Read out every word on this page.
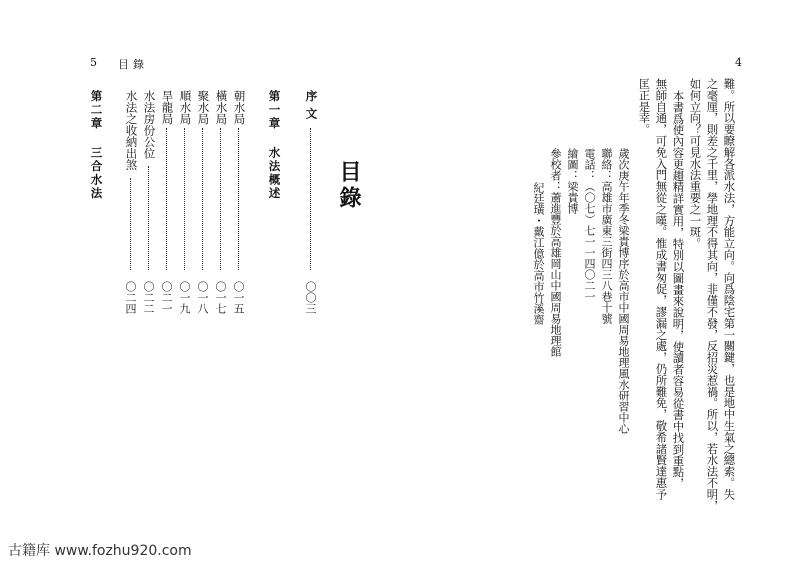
5 目錄
目錄
序文
〇〇三
第一章 水法概述
朝水局
〇一五
橫水局
〇一七
聚水局
〇一八
順水局
〇一九
旱龍局
〇二一
水法房份公位
〇二二
水法之收納出煞
〇二四
第二章 三合水法
4
難。所以要瞭解各派水法，方能立向。向爲陰宅第一關鍵，也是地中生氣之總索。失
之毫厘，則差之千里，學地理不得其向，非僅不發，反招災惹禍。所以，若水法不明，
如何立向？可見水法重要之一斑。
本書爲使內容更趨精詳實用，特別以圖畫來說明，使讀者容易從書中找到重點，
無師自通，可免入門無從之嘆。惟成書匆促，謬漏之處，仍所難免，敬希諸賢達惠予
匡正是幸。
歲次庚午年季冬梁貴博序於高市中國周易地理風水研習中心
聯絡：高雄市廣東三街四三八巷十號
電話：（〇七）七一一四〇二一
繪圖：梁貴博
參校者：蕭進豐於高雄岡山中國周易地理館
紀廷璜・戴江億於高市竹溪齋
古籍库 www.fozhu920.com
